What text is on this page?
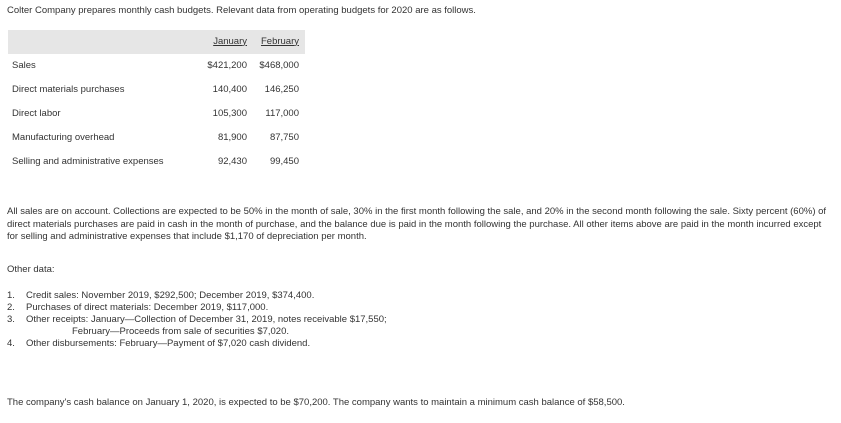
Colter Company prepares monthly cash budgets. Relevant data from operating budgets for 2020 are as follows.
	January	February
Sales	$421,200	$468,000
Direct materials purchases	140,400	146,250
Direct labor	105,300	117,000
Manufacturing overhead	81,900	87,750
Selling and administrative expenses	92,430	99,450
All sales are on account. Collections are expected to be 50% in the month of sale, 30% in the first month following the sale, and 20% in the second month following the sale. Sixty percent (60%) of direct materials purchases are paid in cash in the month of purchase, and the balance due is paid in the month following the purchase. All other items above are paid in the month incurred except for selling and administrative expenses that include $1,170 of depreciation per month.
Other data:
1. Credit sales: November 2019, $292,500; December 2019, $374,400.
2. Purchases of direct materials: December 2019, $117,000.
3. Other receipts: January—Collection of December 31, 2019, notes receivable $17,550;
February—Proceeds from sale of securities $7,020.
4. Other disbursements: February—Payment of $7,020 cash dividend.
The company's cash balance on January 1, 2020, is expected to be $70,200. The company wants to maintain a minimum cash balance of $58,500.
